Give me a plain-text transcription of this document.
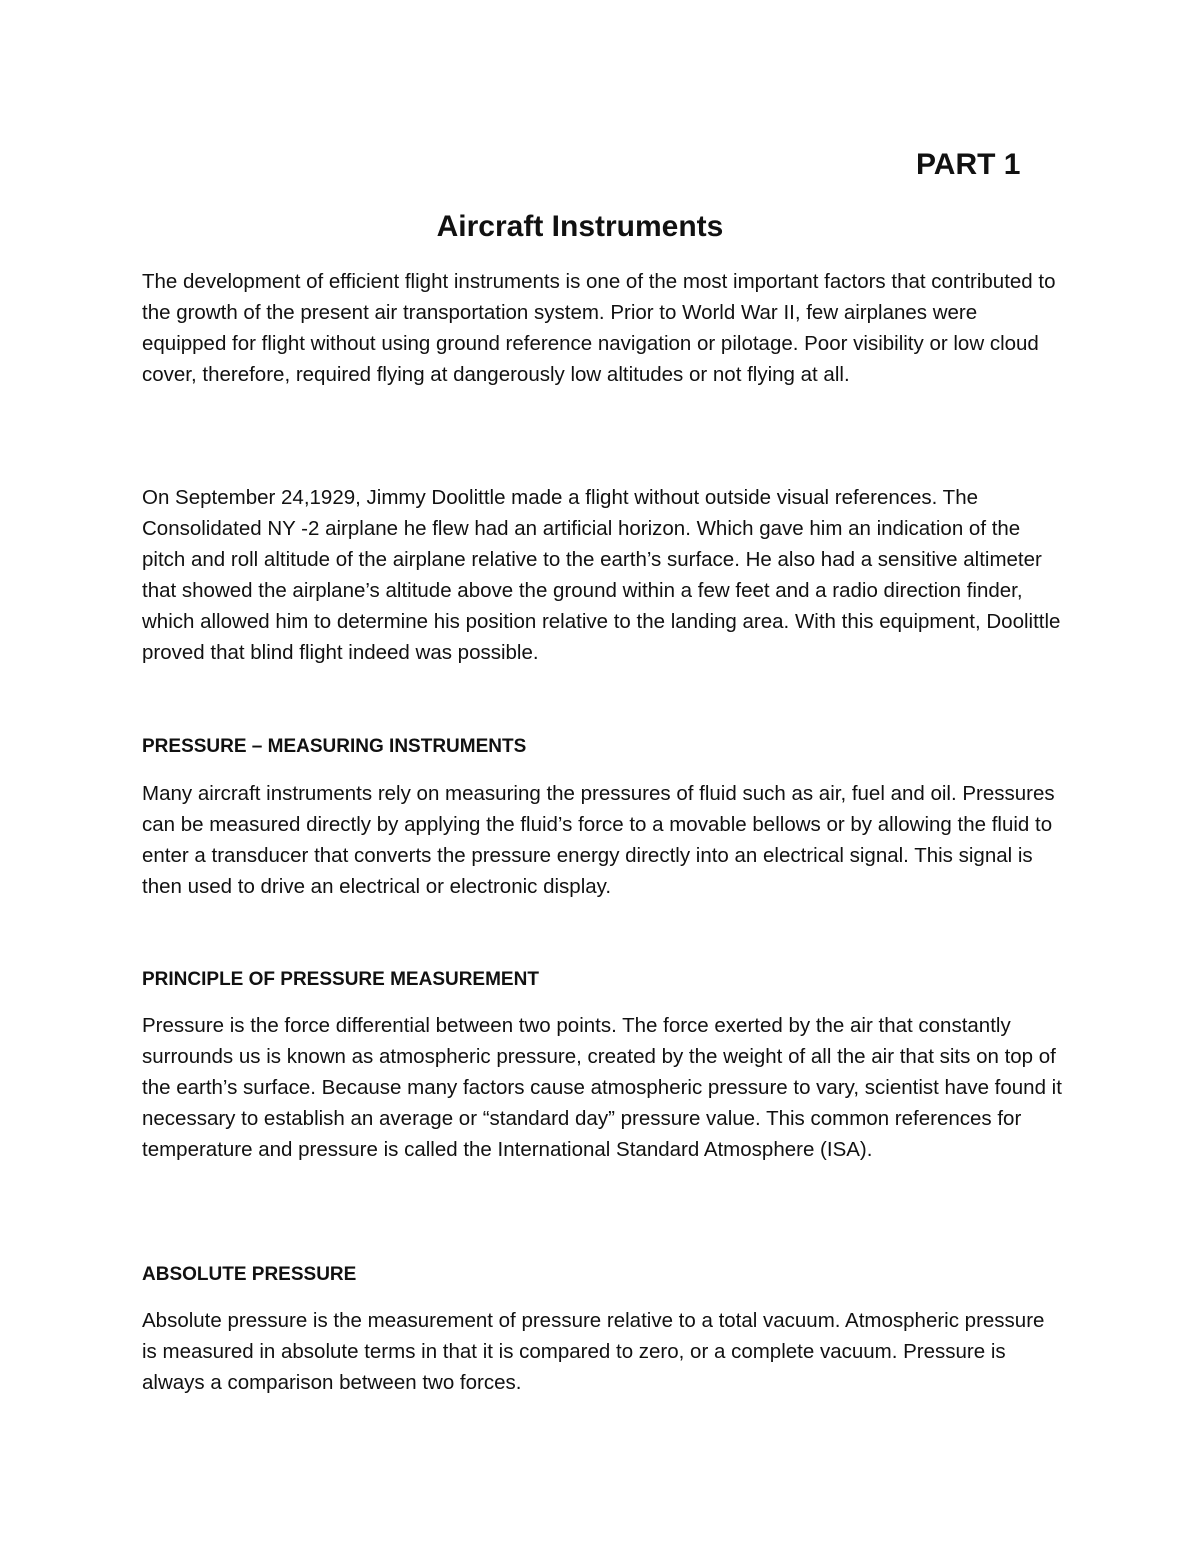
PART 1
Aircraft Instruments

The development of efficient flight instruments is one of the most important factors that contributed to the growth of the present air transportation system. Prior to World War II, few airplanes were equipped for flight without using ground reference navigation or pilotage. Poor visibility or low cloud cover, therefore, required flying at dangerously low altitudes or not flying at all.

On September 24,1929, Jimmy Doolittle made a flight without outside visual references. The Consolidated NY -2 airplane he flew had an artificial horizon. Which gave him an indication of the pitch and roll altitude of the airplane relative to the earth’s surface. He also had a sensitive altimeter that showed the airplane’s altitude above the ground within a few feet and a radio direction finder, which allowed him to determine his position relative to the landing area. With this equipment, Doolittle proved that blind flight indeed was possible.

PRESSURE – MEASURING INSTRUMENTS

Many aircraft instruments rely on measuring the pressures of fluid such as air, fuel and oil. Pressures can be measured directly by applying the fluid’s force to a movable bellows or by allowing the fluid to enter a transducer that converts the pressure energy directly into an electrical signal. This signal is then used to drive an electrical or electronic display.

PRINCIPLE OF PRESSURE MEASUREMENT

Pressure is the force differential between two points. The force exerted by the air that constantly surrounds us is known as atmospheric pressure, created by the weight of all the air that sits on top of the earth’s surface. Because many factors cause atmospheric pressure to vary, scientist have found it necessary to establish an average or “standard day” pressure value. This common references for temperature and pressure is called the International Standard Atmosphere (ISA).

ABSOLUTE PRESSURE

Absolute pressure is the measurement of pressure relative to a total vacuum. Atmospheric pressure is measured in absolute terms in that it is compared to zero, or a complete vacuum. Pressure is always a comparison between two forces.
